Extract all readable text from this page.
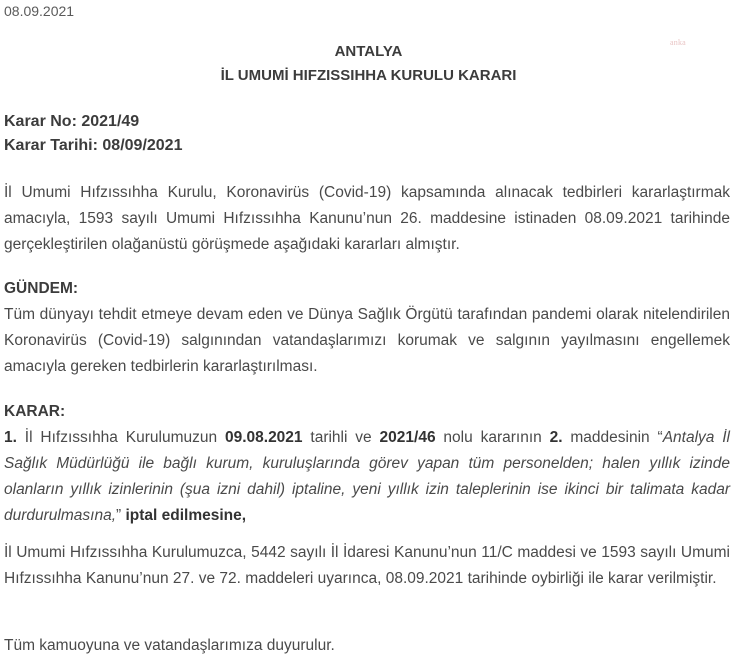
08.09.2021
anka
ANTALYA
İL UMUMİ HIFZISSIHHA KURULU KARARI
Karar No: 2021/49
Karar Tarihi: 08/09/2021
İl Umumi Hıfzıssıhha Kurulu, Koronavirüs (Covid-19) kapsamında alınacak tedbirleri kararlaştırmak amacıyla, 1593 sayılı Umumi Hıfzıssıhha Kanunu’nun 26. maddesine istinaden 08.09.2021 tarihinde gerçekleştirilen olağanüstü görüşmede aşağıdaki kararları almıştır.
GÜNDEM:
Tüm dünyayı tehdit etmeye devam eden ve Dünya Sağlık Örgütü tarafından pandemi olarak nitelendirilen Koronavirüs (Covid-19) salgınından vatandaşlarımızı korumak ve salgının yayılmasını engellemek amacıyla gereken tedbirlerin kararlaştırılması.
KARAR:
1. İl Hıfzıssıhha Kurulumuzun 09.08.2021 tarihli ve 2021/46 nolu kararının 2. maddesinin “Antalya İl Sağlık Müdürlüğü ile bağlı kurum, kuruluşlarında görev yapan tüm personelden; halen yıllık izinde olanların yıllık izinlerinin (şua izni dahil) iptaline, yeni yıllık izin taleplerinin ise ikinci bir talimata kadar durdurulmasına,” iptal edilmesine,
İl Umumi Hıfzıssıhha Kurulumuzca, 5442 sayılı İl İdaresi Kanunu’nun 11/C maddesi ve 1593 sayılı Umumi Hıfzıssıhha Kanunu’nun 27. ve 72. maddeleri uyarınca, 08.09.2021 tarihinde oybirliği ile karar verilmiştir.
Tüm kamuoyuna ve vatandaşlarımıza duyurulur.
